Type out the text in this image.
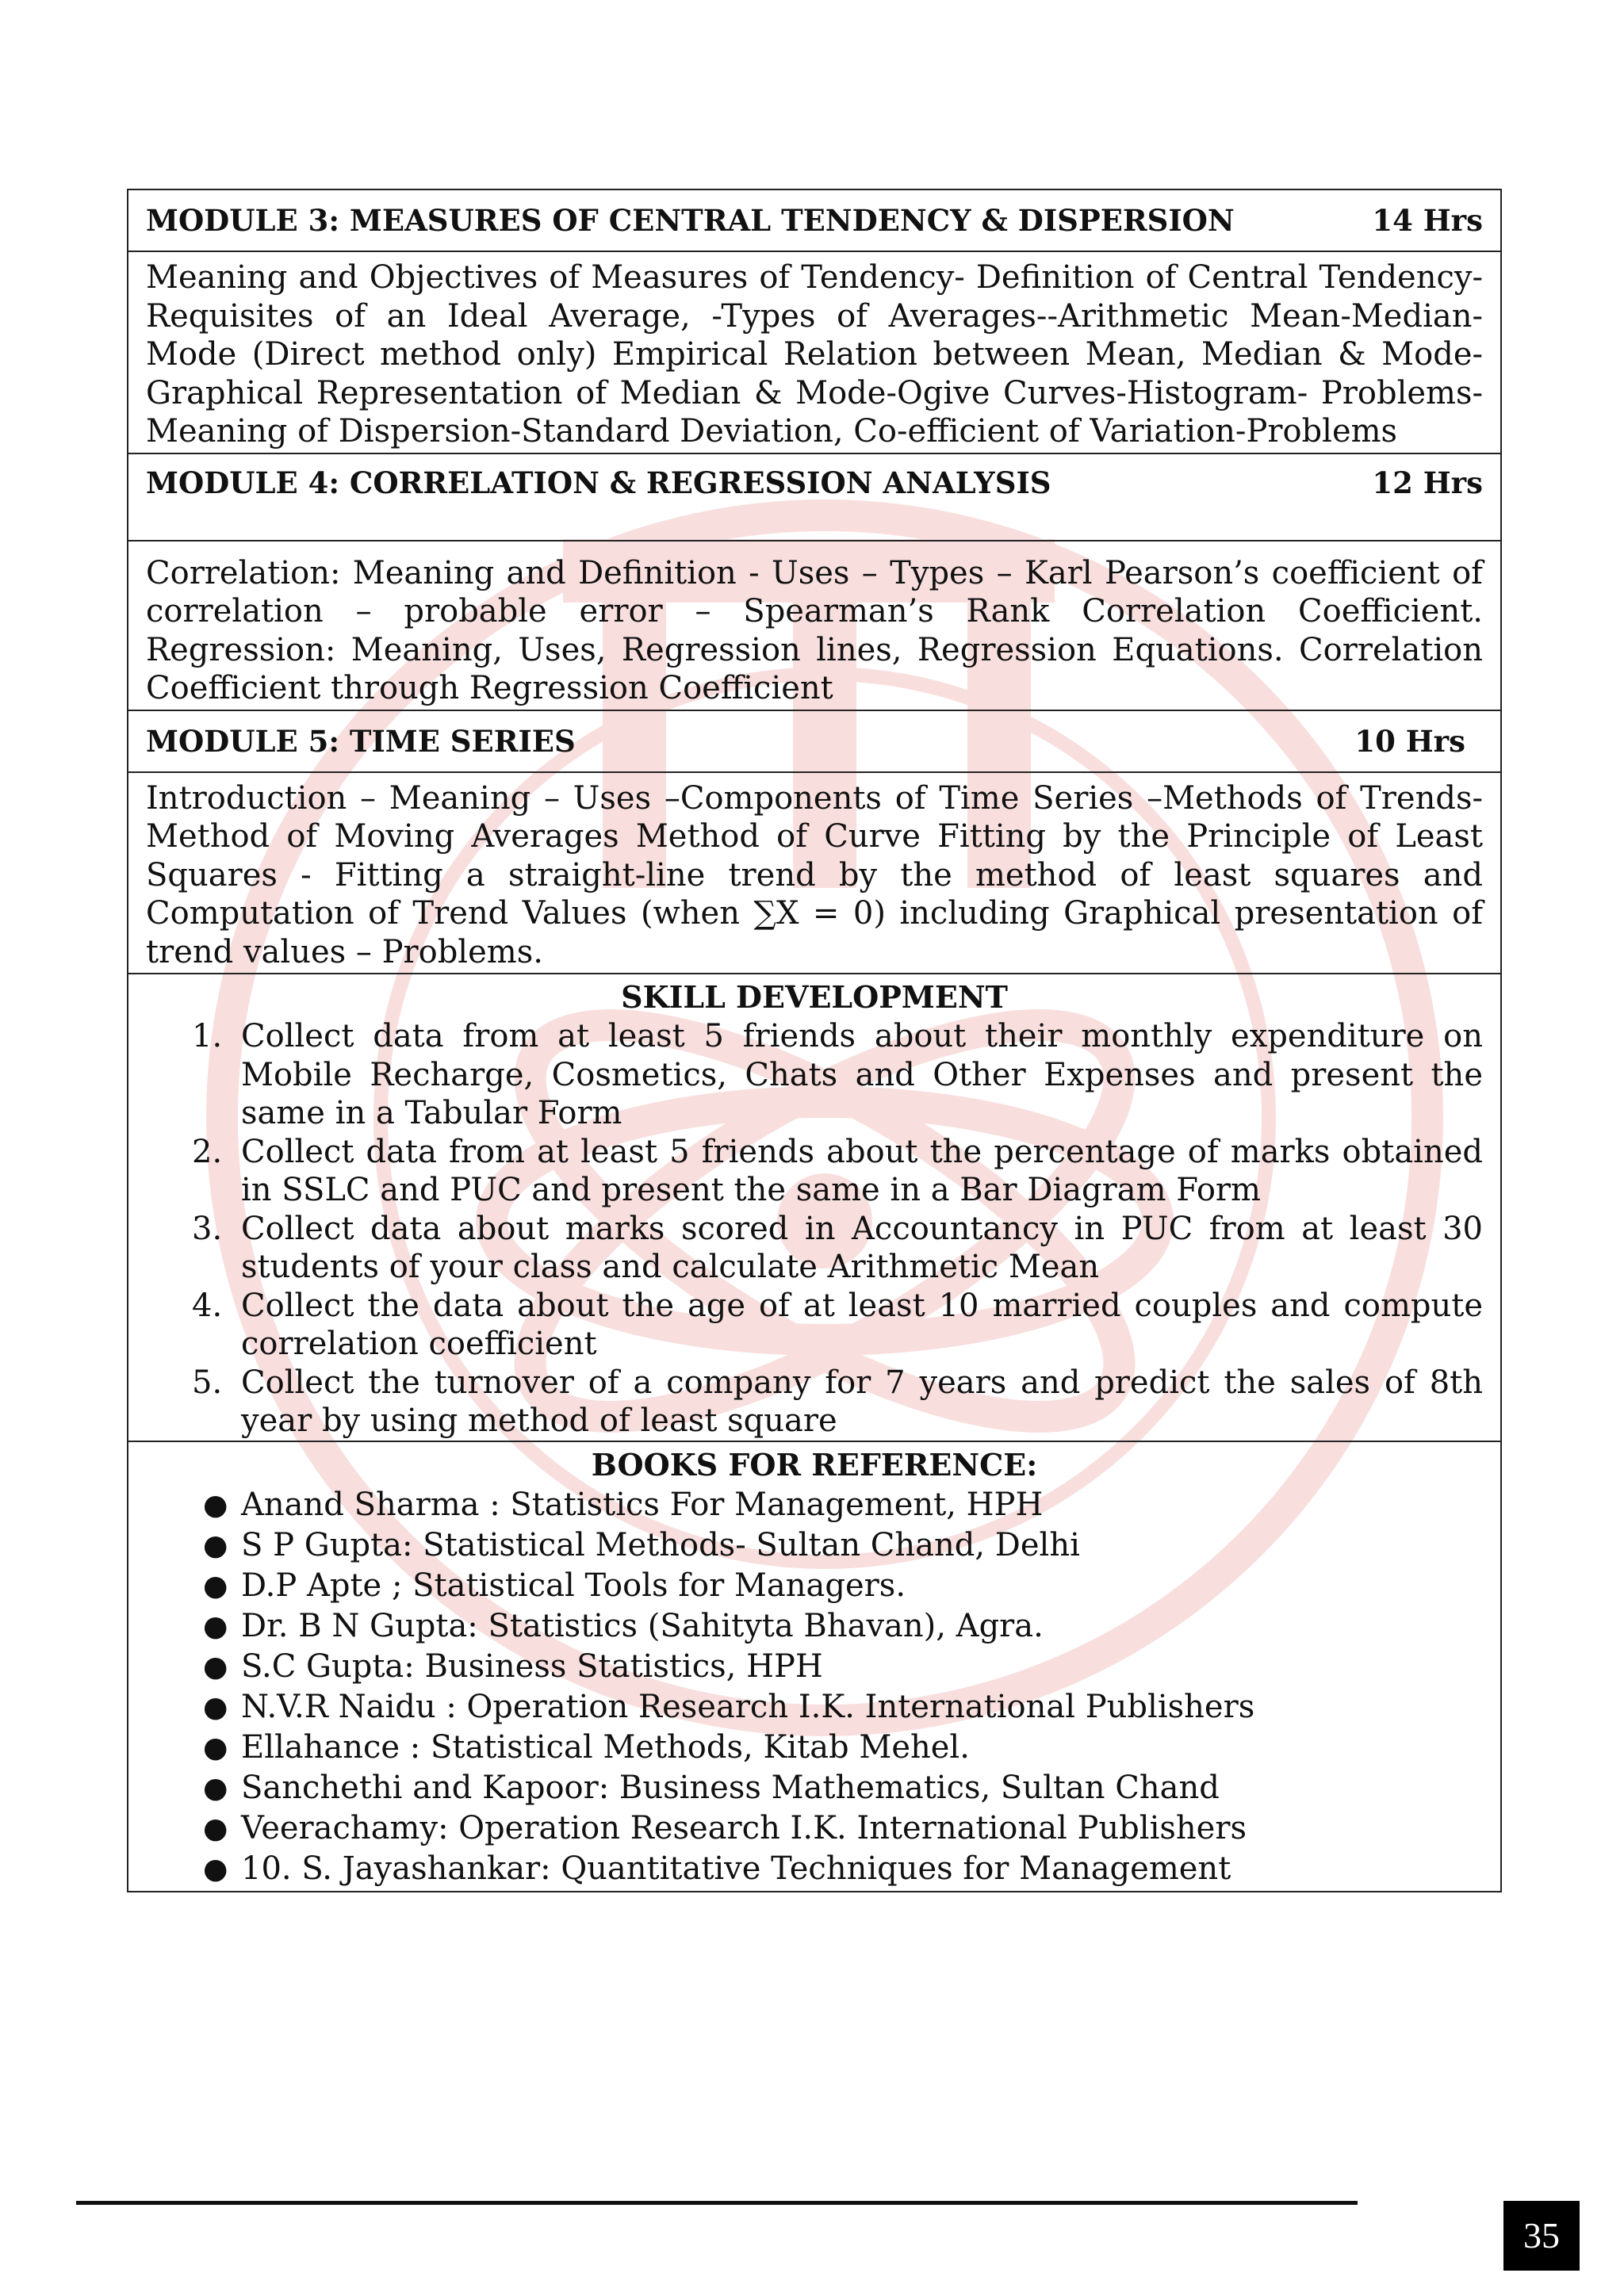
MODULE 3: MEASURES OF CENTRAL TENDENCY & DISPERSION	14 Hrs

Meaning and Objectives of Measures of Tendency- Definition of Central Tendency- Requisites of an Ideal Average, -Types of Averages--Arithmetic Mean-Median-Mode (Direct method only) Empirical Relation between Mean, Median & Mode-Graphical Representation of Median & Mode-Ogive Curves-Histogram- Problems-Meaning of Dispersion-Standard Deviation, Co-efficient of Variation-Problems
MODULE 4: CORRELATION & REGRESSION ANALYSIS	12 Hrs

Correlation: Meaning and Definition - Uses – Types – Karl Pearson’s coefficient of correlation – probable error – Spearman’s Rank Correlation Coefficient. Regression: Meaning, Uses, Regression lines, Regression Equations. Correlation Coefficient through Regression Coefficient
MODULE 5: TIME SERIES	10 Hrs

Introduction – Meaning – Uses –Components of Time Series –Methods of Trends- Method of Moving Averages Method of Curve Fitting by the Principle of Least Squares - Fitting a straight-line trend by the method of least squares and Computation of Trend Values (when ∑X = 0) including Graphical presentation of trend values – Problems.

SKILL DEVELOPMENT
1. Collect data from at least 5 friends about their monthly expenditure on Mobile Recharge, Cosmetics, Chats and Other Expenses and present the same in a Tabular Form
2. Collect data from at least 5 friends about the percentage of marks obtained in SSLC and PUC and present the same in a Bar Diagram Form
3. Collect data about marks scored in Accountancy in PUC from at least 30 students of your class and calculate Arithmetic Mean
4. Collect the data about the age of at least 10 married couples and compute correlation coefficient
5. Collect the turnover of a company for 7 years and predict the sales of 8th year by using method of least square

BOOKS FOR REFERENCE:
● Anand Sharma : Statistics For Management, HPH
● S P Gupta: Statistical Methods- Sultan Chand, Delhi
● D.P Apte ; Statistical Tools for Managers.
● Dr. B N Gupta: Statistics (Sahityta Bhavan), Agra.
● S.C Gupta: Business Statistics, HPH
● N.V.R Naidu : Operation Research I.K. International Publishers
● Ellahance : Statistical Methods, Kitab Mehel.
● Sanchethi and Kapoor: Business Mathematics, Sultan Chand
● Veerachamy: Operation Research I.K. International Publishers
● 10. S. Jayashankar: Quantitative Techniques for Management
35
